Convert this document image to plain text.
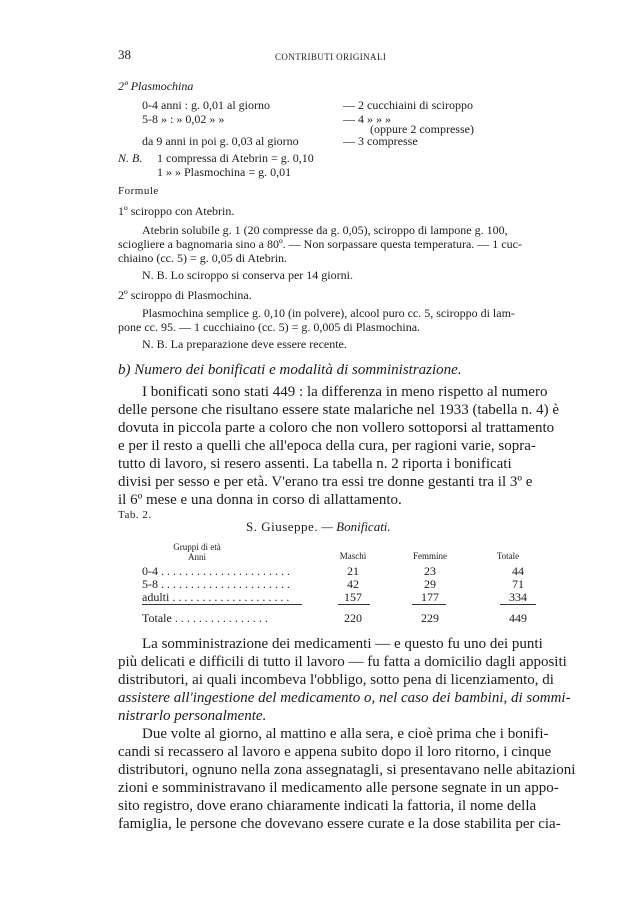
38	CONTRIBUTI ORIGINALI
2º Plasmochina
0-4 anni : g. 0,01 al giorno	— 2 cucchiaini di sciroppo
5-8 » : » 0,02 » »	— 4 » » »
(oppure 2 compresse)
da 9 anni in poi g. 0,03 al giorno	— 3 compresse
N. B. 1 compressa di Atebrin = g. 0,10
1 » » Plasmochina = g. 0,01
Formule
1º sciroppo con Atebrin.
Atebrin solubile g. 1 (20 compresse da g. 0,05), sciroppo di lampone g. 100,
sciogliere a bagnomaria sino a 80º. — Non sorpassare questa temperatura. — 1 cuc-
chiaino (cc. 5) = g. 0,05 di Atebrin.
N. B. Lo sciroppo si conserva per 14 giorni.
2º sciroppo di Plasmochina.
Plasmochina semplice g. 0,10 (in polvere), alcool puro cc. 5, sciroppo di lam-
pone cc. 95. — 1 cucchiaino (cc. 5) = g. 0,005 di Plasmochina.
N. B. La preparazione deve essere recente.
b) Numero dei bonificati e modalità di somministrazione.
I bonificati sono stati 449 : la differenza in meno rispetto al numero
delle persone che risultano essere state malariche nel 1933 (tabella n. 4) è
dovuta in piccola parte a coloro che non vollero sottoporsi al trattamento
e per il resto a quelli che all'epoca della cura, per ragioni varie, sopra-
tutto di lavoro, si resero assenti. La tabella n. 2 riporta i bonificati
divisi per sesso e per età. V'erano tra essi tre donne gestanti tra il 3º e
il 6º mese e una donna in corso di allattamento.
Tab. 2.
S. Giuseppe. — Bonificati.
Gruppi di età
Anni	Maschi	Femmine	Totale
0-4 . . . . . . . . . . . . . . . . . . . . . .	21	23	44
5-8 . . . . . . . . . . . . . . . . . . . . . .	42	29	71
adulti . . . . . . . . . . . . . . . . . . . .	157	177	334
Totale . . . . . . . . . . . . . . . .	220	229	449
La somministrazione dei medicamenti — e questo fu uno dei punti
più delicati e difficili di tutto il lavoro — fu fatta a domicilio dagli appositi
distributori, ai quali incombeva l'obbligo, sotto pena di licenziamento, di
assistere all'ingestione del medicamento o, nel caso dei bambini, di sommi-
nistrarlo personalmente.
Due volte al giorno, al mattino e alla sera, e cioè prima che i bonifi-
candi si recassero al lavoro e appena subito dopo il loro ritorno, i cinque
distributori, ognuno nella zona assegnatagli, si presentavano nelle abitazioni
zioni e somministravano il medicamento alle persone segnate in un appo-
sito registro, dove erano chiaramente indicati la fattoria, il nome della
famiglia, le persone che dovevano essere curate e la dose stabilita per cia-
